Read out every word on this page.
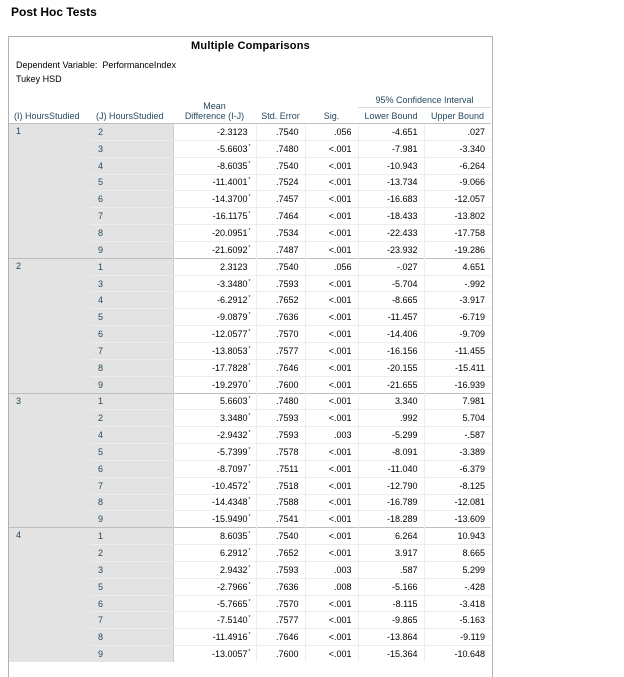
Post Hoc Tests
Multiple Comparisons
Dependent Variable: PerformanceIndex
Tukey HSD
(I) HoursStudied	(J) HoursStudied	Mean
Difference (I-J)	Std. Error	Sig.	95% Confidence Interval	
					Lower Bound	Upper Bound
1	2	-2.3123	.7540	.056	-4.651	.027
	3	-5.6603 *	.7480	<.001	-7.981	-3.340
	4	-8.6035 *	.7540	<.001	-10.943	-6.264
	5	-11.4001 *	.7524	<.001	-13.734	-9.066
	6	-14.3700 *	.7457	<.001	-16.683	-12.057
	7	-16.1175 *	.7464	<.001	-18.433	-13.802
	8	-20.0951 *	.7534	<.001	-22.433	-17.758
	9	-21.6092 *	.7487	<.001	-23.932	-19.286
2	1	2.3123	.7540	.056	-.027	4.651
	3	-3.3480 *	.7593	<.001	-5.704	-.992
	4	-6.2912 *	.7652	<.001	-8.665	-3.917
	5	-9.0879 *	.7636	<.001	-11.457	-6.719
	6	-12.0577 *	.7570	<.001	-14.406	-9.709
	7	-13.8053 *	.7577	<.001	-16.156	-11.455
	8	-17.7828 *	.7646	<.001	-20.155	-15.411
	9	-19.2970 *	.7600	<.001	-21.655	-16.939
3	1	5.6603 *	.7480	<.001	3.340	7.981
	2	3.3480 *	.7593	<.001	.992	5.704
	4	-2.9432 *	.7593	.003	-5.299	-.587
	5	-5.7399 *	.7578	<.001	-8.091	-3.389
	6	-8.7097 *	.7511	<.001	-11.040	-6.379
	7	-10.4572 *	.7518	<.001	-12.790	-8.125
	8	-14.4348 *	.7588	<.001	-16.789	-12.081
	9	-15.9490 *	.7541	<.001	-18.289	-13.609
4	1	8.6035 *	.7540	<.001	6.264	10.943
	2	6.2912 *	.7652	<.001	3.917	8.665
	3	2.9432 *	.7593	.003	.587	5.299
	5	-2.7966 *	.7636	.008	-5.166	-.428
	6	-5.7665 *	.7570	<.001	-8.115	-3.418
	7	-7.5140 *	.7577	<.001	-9.865	-5.163
	8	-11.4916 *	.7646	<.001	-13.864	-9.119
	9	-13.0057 *	.7600	<.001	-15.364	-10.648
